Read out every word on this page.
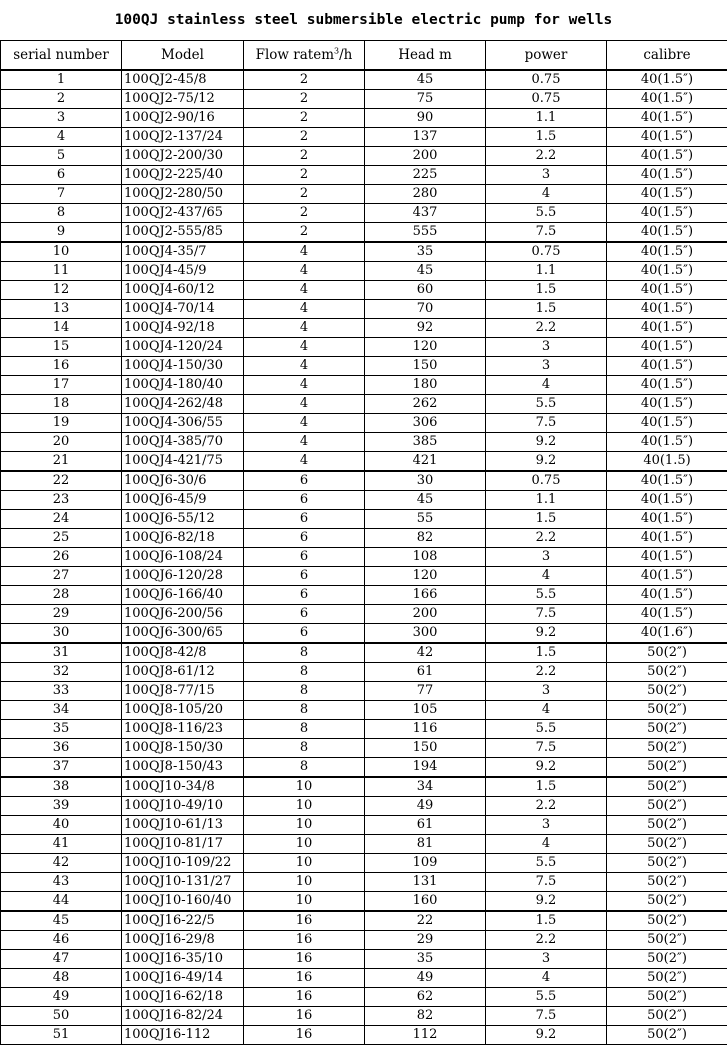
100QJ stainless steel submersible electric pump for wells
serial number	Model	Flow ratem$^3$/h	Head m	power	calibre
1	100QJ2-45/8	2	45	0.75	40(1.5″)
2	100QJ2-75/12	2	75	0.75	40(1.5″)
3	100QJ2-90/16	2	90	1.1	40(1.5″)
4	100QJ2-137/24	2	137	1.5	40(1.5″)
5	100QJ2-200/30	2	200	2.2	40(1.5″)
6	100QJ2-225/40	2	225	3	40(1.5″)
7	100QJ2-280/50	2	280	4	40(1.5″)
8	100QJ2-437/65	2	437	5.5	40(1.5″)
9	100QJ2-555/85	2	555	7.5	40(1.5″)
10	100QJ4-35/7	4	35	0.75	40(1.5″)
11	100QJ4-45/9	4	45	1.1	40(1.5″)
12	100QJ4-60/12	4	60	1.5	40(1.5″)
13	100QJ4-70/14	4	70	1.5	40(1.5″)
14	100QJ4-92/18	4	92	2.2	40(1.5″)
15	100QJ4-120/24	4	120	3	40(1.5″)
16	100QJ4-150/30	4	150	3	40(1.5″)
17	100QJ4-180/40	4	180	4	40(1.5″)
18	100QJ4-262/48	4	262	5.5	40(1.5″)
19	100QJ4-306/55	4	306	7.5	40(1.5″)
20	100QJ4-385/70	4	385	9.2	40(1.5″)
21	100QJ4-421/75	4	421	9.2	40(1.5)
22	100QJ6-30/6	6	30	0.75	40(1.5″)
23	100QJ6-45/9	6	45	1.1	40(1.5″)
24	100QJ6-55/12	6	55	1.5	40(1.5″)
25	100QJ6-82/18	6	82	2.2	40(1.5″)
26	100QJ6-108/24	6	108	3	40(1.5″)
27	100QJ6-120/28	6	120	4	40(1.5″)
28	100QJ6-166/40	6	166	5.5	40(1.5″)
29	100QJ6-200/56	6	200	7.5	40(1.5″)
30	100QJ6-300/65	6	300	9.2	40(1.6″)
31	100QJ8-42/8	8	42	1.5	50(2″)
32	100QJ8-61/12	8	61	2.2	50(2″)
33	100QJ8-77/15	8	77	3	50(2″)
34	100QJ8-105/20	8	105	4	50(2″)
35	100QJ8-116/23	8	116	5.5	50(2″)
36	100QJ8-150/30	8	150	7.5	50(2″)
37	100QJ8-150/43	8	194	9.2	50(2″)
38	100QJ10-34/8	10	34	1.5	50(2″)
39	100QJ10-49/10	10	49	2.2	50(2″)
40	100QJ10-61/13	10	61	3	50(2″)
41	100QJ10-81/17	10	81	4	50(2″)
42	100QJ10-109/22	10	109	5.5	50(2″)
43	100QJ10-131/27	10	131	7.5	50(2″)
44	100QJ10-160/40	10	160	9.2	50(2″)
45	100QJ16-22/5	16	22	1.5	50(2″)
46	100QJ16-29/8	16	29	2.2	50(2″)
47	100QJ16-35/10	16	35	3	50(2″)
48	100QJ16-49/14	16	49	4	50(2″)
49	100QJ16-62/18	16	62	5.5	50(2″)
50	100QJ16-82/24	16	82	7.5	50(2″)
51	100QJ16-112	16	112	9.2	50(2″)
